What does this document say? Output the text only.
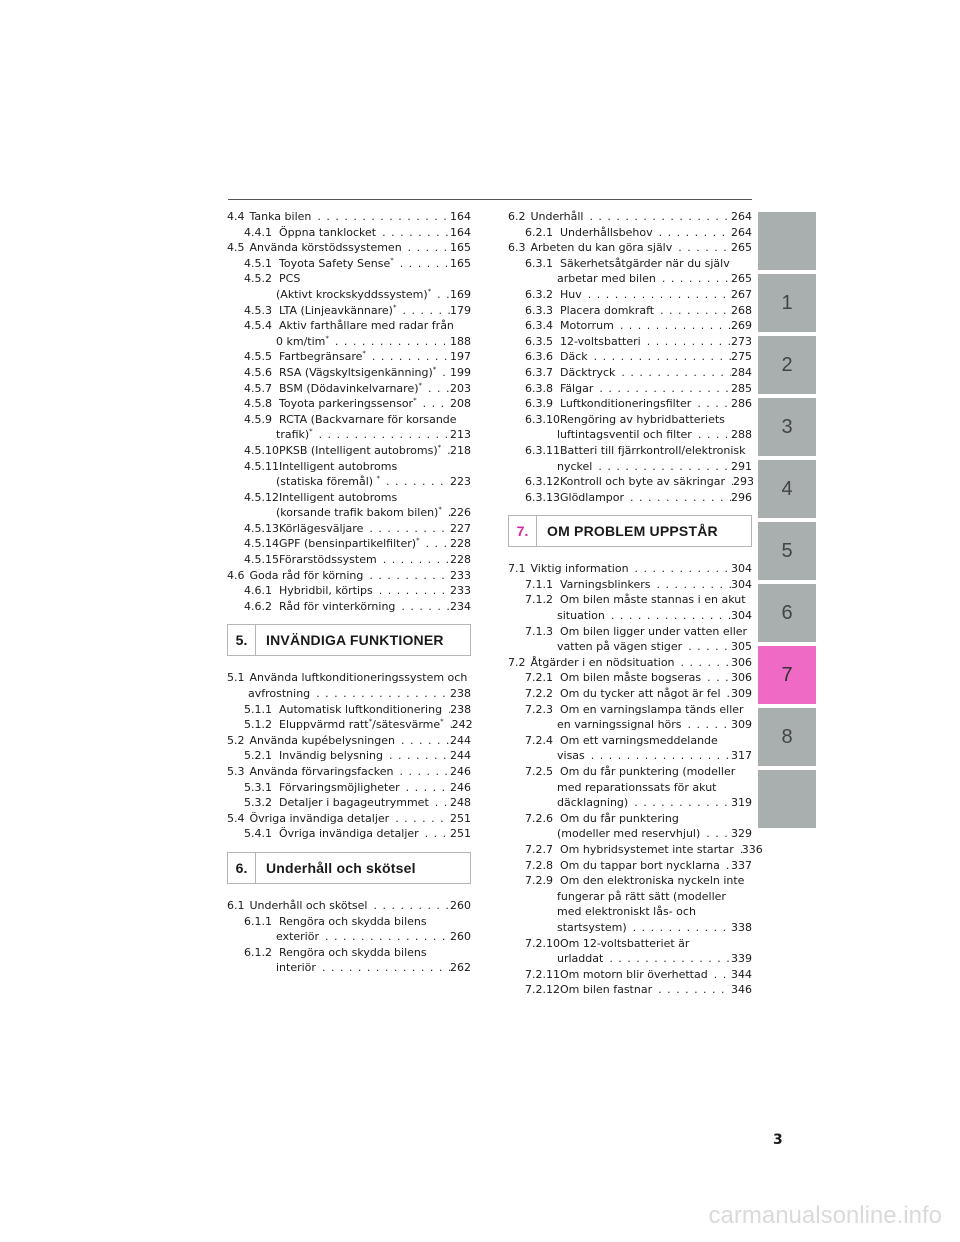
4.4 Tanka bilen . . .	164
4.4.1 Öppna tanklocket . . .	164
4.5 Använda körstödssystemen . . .	165
4.5.1 Toyota Safety Sense* . . .	165
4.5.2 PCS
(Aktivt krockskyddssystem)* . . . 169
4.5.3 LTA (Linjeavkännare)* . . .	179
4.5.4 Aktiv farthållare med radar från
0 km/tim* . . .	188
4.5.5 Fartbegränsare* . . .	197
4.5.6 RSA (Vägskyltsigenkänning)* . . . 199
4.5.7 BSM (Dödavinkelvarnare)* . . .	203
4.5.8 Toyota parkeringssensor* . . .	208
4.5.9 RCTA (Backvarnare för korsande
trafik)* . . .	213
4.5.10 PKSB (Intelligent autobroms)* . . . 218
4.5.11 Intelligent autobroms
(statiska föremål) * . . .	223
4.5.12 Intelligent autobroms
(korsande trafik bakom bilen)* . . . 226
4.5.13 Körlägesväljare . . .	227
4.5.14 GPF (bensinpartikelfilter)* . . .	228
4.5.15 Förarstödssystem . . .	228
4.6 Goda råd för körning . . .	233
4.6.1 Hybridbil, körtips . . .	233
4.6.2 Råd för vinterkörning . . .	234
5.	INVÄNDIGA FUNKTIONER
5.1 Använda luftkonditioneringssystem och
avfrostning . . .	238
5.1.1 Automatisk luftkonditionering . . . 238
5.1.2 Eluppvärmd ratt*/sätesvärme* . . . 242
5.2 Använda kupébelysningen . . .	244
5.2.1 Invändig belysning . . .	244
5.3 Använda förvaringsfacken . . .	246
5.3.1 Förvaringsmöjligheter . . .	246
5.3.2 Detaljer i bagageutrymmet . . . 248
5.4 Övriga invändiga detaljer . . .	251
5.4.1 Övriga invändiga detaljer . . .	251
6.	Underhåll och skötsel
6.1 Underhåll och skötsel . . .	260
6.1.1 Rengöra och skydda bilens
exteriör . . .	260
6.1.2 Rengöra och skydda bilens
interiör . . .	262
6.2 Underhåll . . .	264
6.2.1 Underhållsbehov . . .	264
6.3 Arbeten du kan göra själv . . .	265
6.3.1 Säkerhetsåtgärder när du själv
arbetar med bilen . . .	265
6.3.2 Huv . . .	267
6.3.3 Placera domkraft . . .	268
6.3.4 Motorrum . . .	269
6.3.5 12-voltsbatteri . . .	273
6.3.6 Däck . . .	275
6.3.7 Däcktryck . . .	284
6.3.8 Fälgar . . .	285
6.3.9 Luftkonditioneringsfilter . . .	286
6.3.10 Rengöring av hybridbatteriets
luftintagsventil och filter . . .	288
6.3.11 Batteri till fjärrkontroll/elektronisk
nyckel . . .	291
6.3.12 Kontroll och byte av säkringar . . . 293
6.3.13 Glödlampor . . .	296
7.	OM PROBLEM UPPSTÅR
7.1 Viktig information . . .	304
7.1.1 Varningsblinkers . . .	304
7.1.2 Om bilen måste stannas i en akut
situation . . .	304
7.1.3 Om bilen ligger under vatten eller
vatten på vägen stiger . . .	305
7.2 Åtgärder i en nödsituation . . .	306
7.2.1 Om bilen måste bogseras . . .	306
7.2.2 Om du tycker att något är fel . . . 309
7.2.3 Om en varningslampa tänds eller
en varningssignal hörs . . .	309
7.2.4 Om ett varningsmeddelande
visas . . .	317
7.2.5 Om du får punktering (modeller
med reparationssats för akut
däcklagning) . . .	319
7.2.6 Om du får punktering
(modeller med reservhjul) . . .	329
7.2.7 Om hybridsystemet inte startar . . . 336
7.2.8 Om du tappar bort nycklarna . . . 337
7.2.9 Om den elektroniska nyckeln inte
fungerar på rätt sätt (modeller
med elektroniskt lås- och
startsystem) . . .	338
7.2.10 Om 12-voltsbatteriet är
urladdat . . .	339
7.2.11 Om motorn blir överhettad . . . 344
7.2.12 Om bilen fastnar . . .	346
1
2
3
4
5
6
7
8
3
carmanualsonline.info
